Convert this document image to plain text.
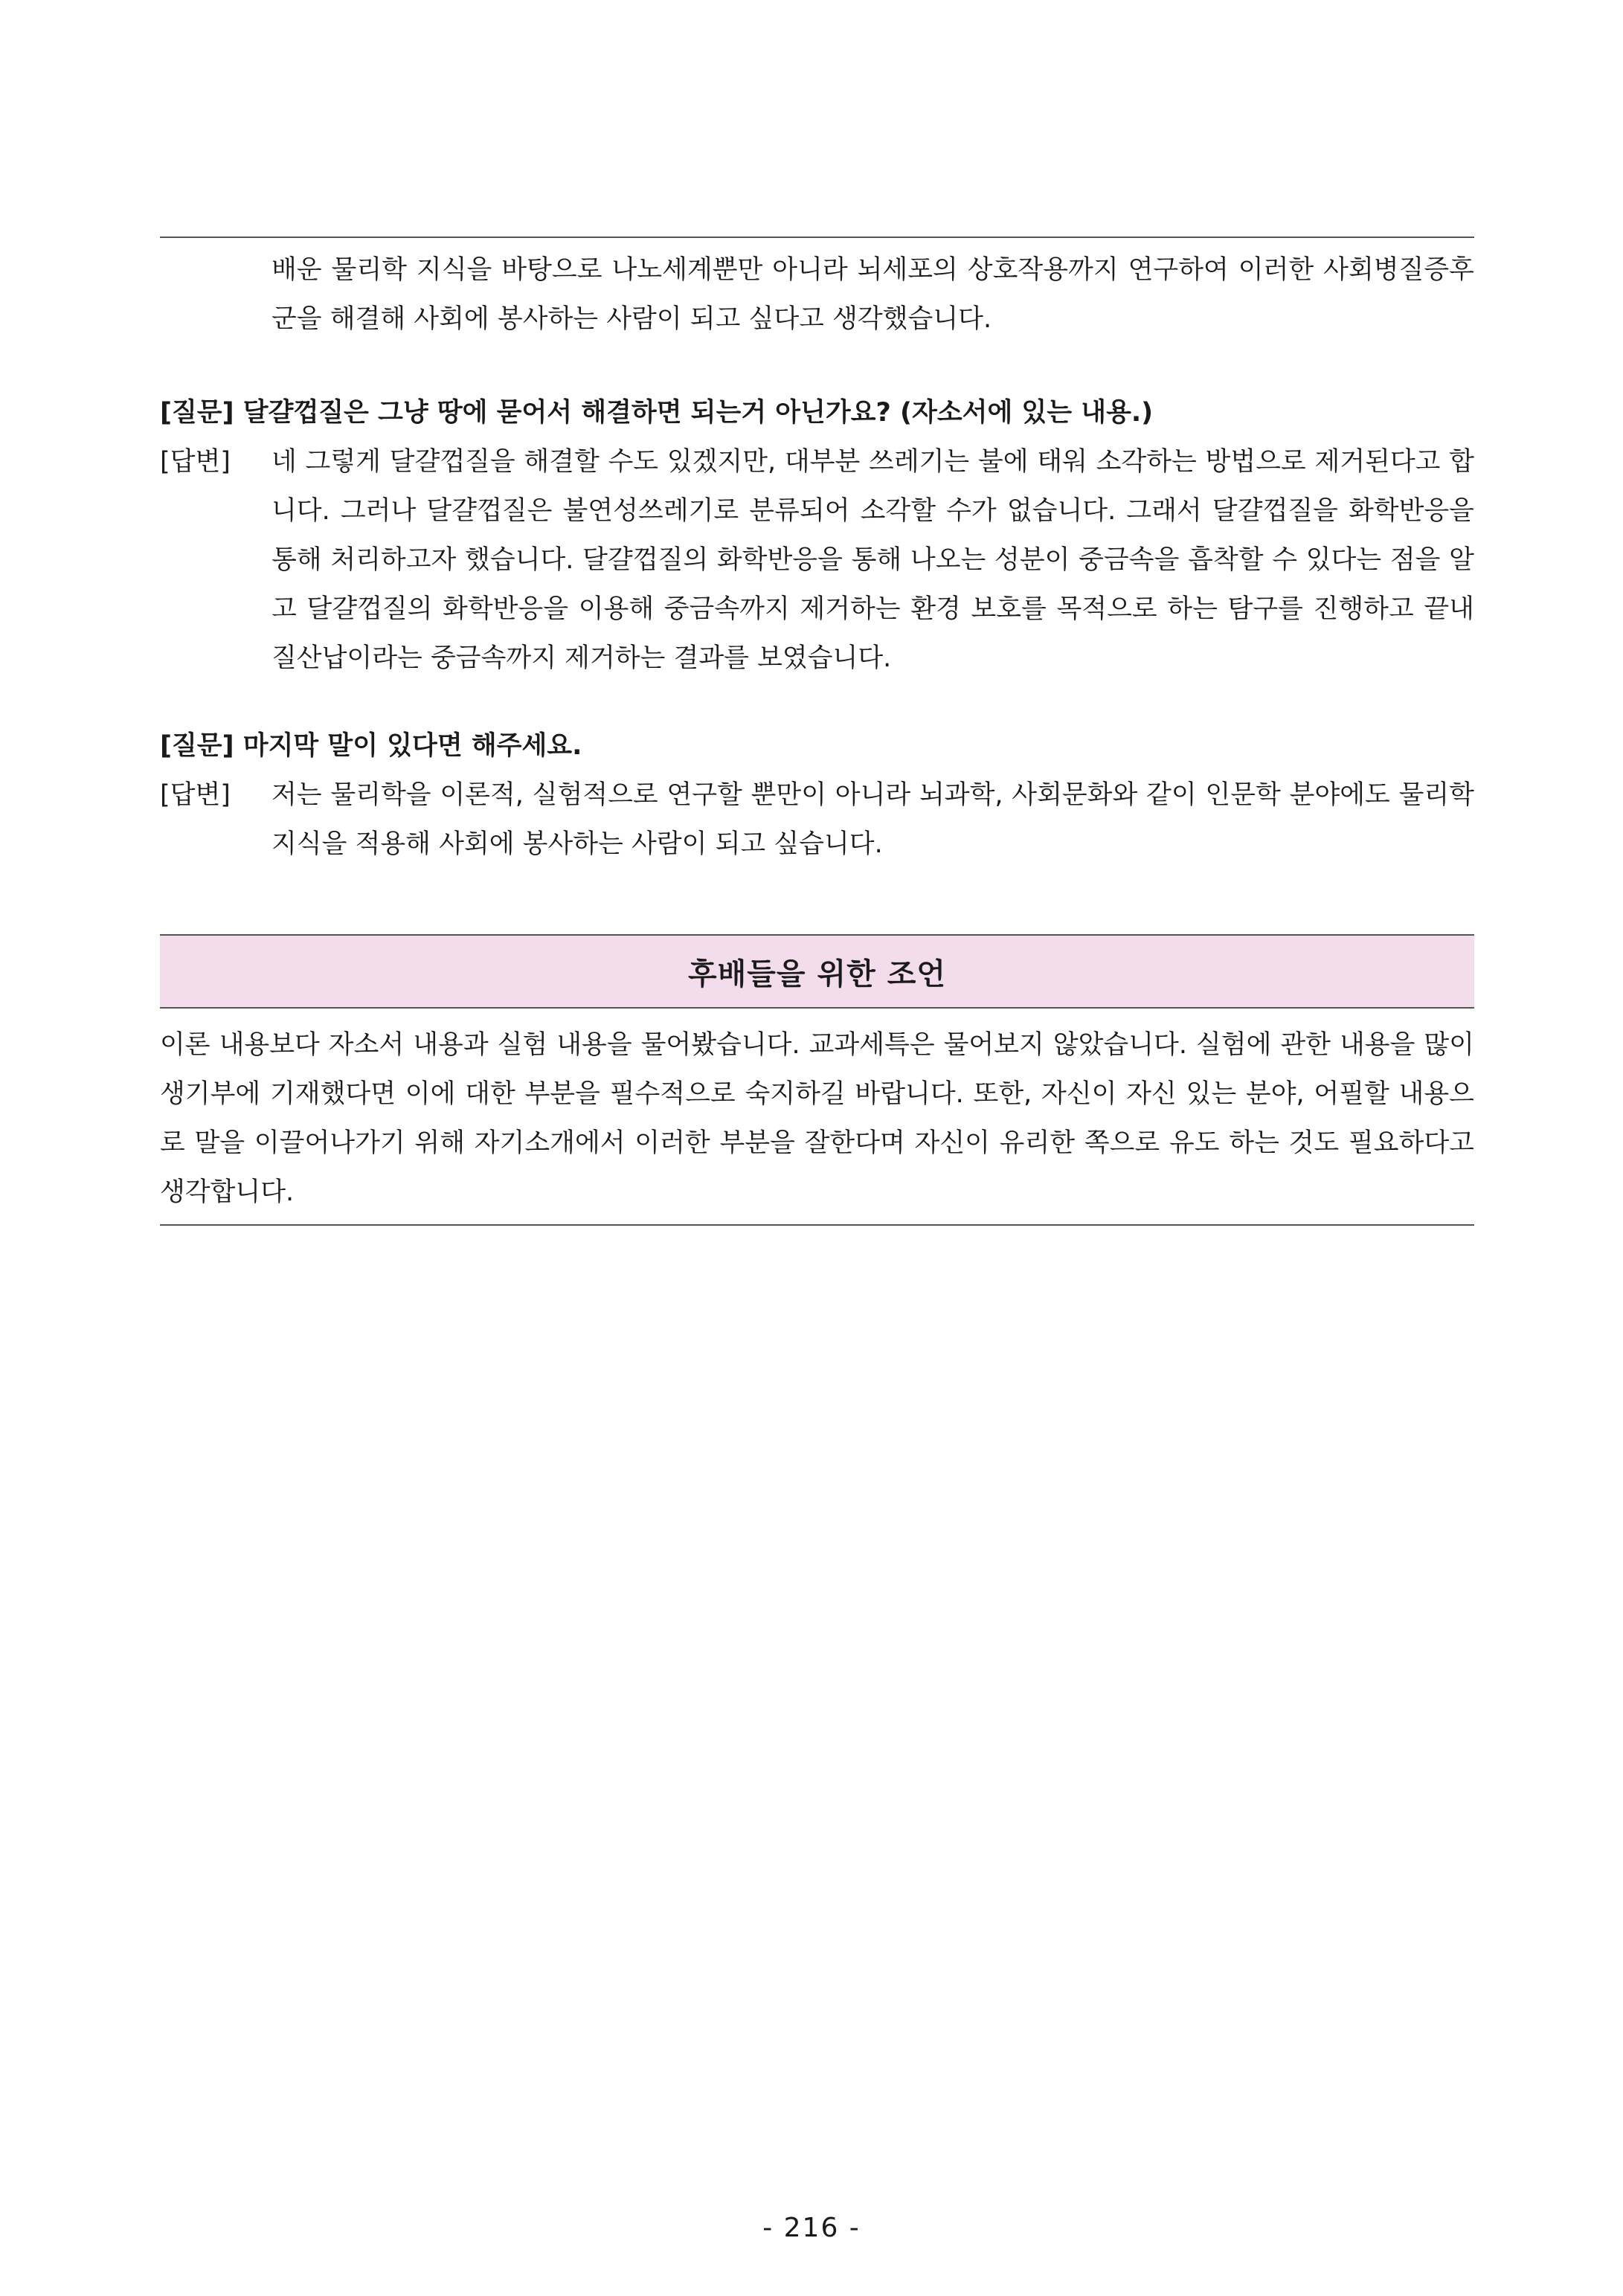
배운 물리학 지식을 바탕으로 나노세계뿐만 아니라 뇌세포의 상호작용까지 연구하여 이러한 사회병질증후군을 해결해 사회에 봉사하는 사람이 되고 싶다고 생각했습니다.

[질문] 달걀껍질은 그냥 땅에 묻어서 해결하면 되는거 아닌가요? (자소서에 있는 내용.)

[답변] 네 그렇게 달걀껍질을 해결할 수도 있겠지만, 대부분 쓰레기는 불에 태워 소각하는 방법으로 제거된다고 합니다. 그러나 달걀껍질은 불연성쓰레기로 분류되어 소각할 수가 없습니다. 그래서 달걀껍질을 화학반응을 통해 처리하고자 했습니다. 달걀껍질의 화학반응을 통해 나오는 성분이 중금속을 흡착할 수 있다는 점을 알고 달걀껍질의 화학반응을 이용해 중금속까지 제거하는 환경 보호를 목적으로 하는 탐구를 진행하고 끝내 질산납이라는 중금속까지 제거하는 결과를 보였습니다.

[질문] 마지막 말이 있다면 해주세요.

[답변] 저는 물리학을 이론적, 실험적으로 연구할 뿐만이 아니라 뇌과학, 사회문화와 같이 인문학 분야에도 물리학 지식을 적용해 사회에 봉사하는 사람이 되고 싶습니다.
후배들을 위한 조언

이론 내용보다 자소서 내용과 실험 내용을 물어봤습니다. 교과세특은 물어보지 않았습니다. 실험에 관한 내용을 많이 생기부에 기재했다면 이에 대한 부분을 필수적으로 숙지하길 바랍니다. 또한, 자신이 자신 있는 분야, 어필할 내용으로 말을 이끌어나가기 위해 자기소개에서 이러한 부분을 잘한다며 자신이 유리한 쪽으로 유도 하는 것도 필요하다고 생각합니다.

- 216 -
